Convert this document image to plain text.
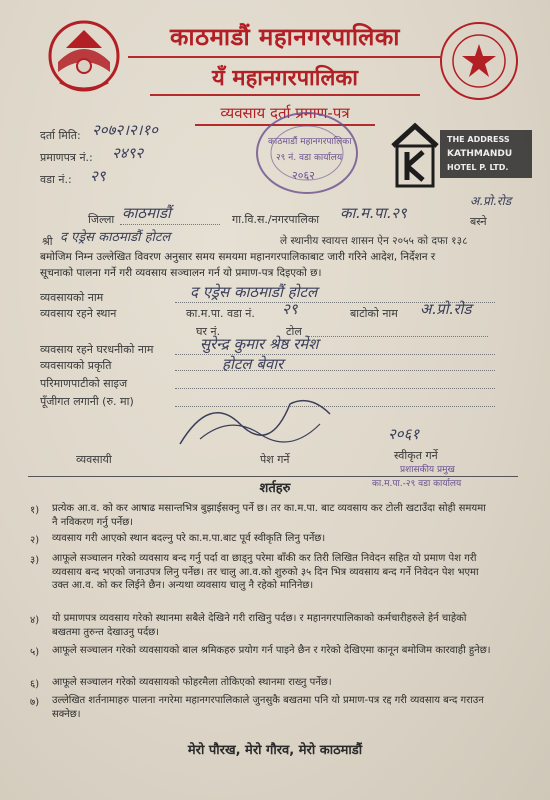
काठमाडौं महानगरपालिका
यँ महानगरपालिका
व्यवसाय दर्ता प्रमाण-पत्र
दर्ता मिति: २०७२।२।१०
प्रमाणपत्र नं.: २४९२
वडा नं.: २९
काठमाडौं महानगरपालिका
२९ नं. वडा कार्यालय
२०६२
THE ADDRESS
KATHMANDU
HOTEL P. LTD.
जिल्ला काठमाडौं	गा.वि.स./नगरपालिका का.म.पा.२९	बस्ने
अ.प्रो.रोड
श्री द एड्रेस काठमाडौं होटल	ले स्थानीय स्वायत्त शासन ऐन २०५५ को दफा १३८
बमोजिम निम्न उल्लेखित विवरण अनुसार समय समयमा महानगरपालिकाबाट जारी गरिने आदेश, निर्देशन र
सूचनाको पालना गर्ने गरी व्यवसाय सञ्चालन गर्न यो प्रमाण-पत्र दिइएको छ।
व्यवसायको नाम	द एड्रेस काठमाडौं होटल
व्यवसाय रहने स्थान	का.म.पा. वडा नं. २९	बाटोको नाम अ.प्रो.रोड
घर नं.	टोल
व्यवसाय रहने घरधनीको नाम	सुरेन्द्र कुमार श्रेष्ठ रमेश
व्यवसायको प्रकृति	होटल बेवार
परिमाणपाटीको साइज
पूँजीगत लगानी (रु. मा)
व्यवसायी	पेश गर्ने
२०६१
स्वीकृत गर्ने
प्रशासकीय प्रमुख
का.म.पा.-२९ वडा कार्यालय
शर्तहरु
१) प्रत्येक आ.व. को कर आषाढ मसान्तभित्र बुझाईसक्नु पर्ने छ। तर का.म.पा. बाट व्यवसाय कर टोली खटाउँदा सोही समयमा नै नविकरण गर्नु पर्नेछ।
२) व्यवसाय गरी आएको स्थान बदल्नु परे का.म.पा.बाट पूर्व स्वीकृति लिनु पर्नेछ।
३) आफूले सञ्चालन गरेको व्यवसाय बन्द गर्नु पर्दा वा छाड्नु परेमा बाँकी कर तिरी लिखित निवेदन सहित यो प्रमाण पेश गरी व्यवसाय बन्द भएको जनाउपत्र लिनु पर्नेछ। तर चालु आ.व.को शुरुको ३५ दिन भित्र व्यवसाय बन्द गर्ने निवेदन पेश भएमा उक्त आ.व. को कर लिईने छैन। अन्यथा व्यवसाय चालु नै रहेको मानिनेछ।
४) यो प्रमाणपत्र व्यवसाय गरेको स्थानमा सबैले देखिने गरी राखिनु पर्दछ। र महानगरपालिकाको कर्मचारीहरुले हेर्न चाहेको बखतमा तुरुन्त देखाउनु पर्दछ।
५) आफूले सञ्चालन गरेको व्यवसायको बाल श्रमिकहरु प्रयोग गर्न पाइने छैन र गरेको देखिएमा कानून बमोजिम कारवाही हुनेछ।
६) आफूले सञ्चालन गरेको व्यवसायको फोहरमैला तोकिएको स्थानमा राख्नु पर्नेछ।
७) उल्लेखित शर्तनामाहरु पालना नगरेमा महानगरपालिकाले जुनसुकै बखतमा पनि यो प्रमाण-पत्र रद्द गरी व्यवसाय बन्द गराउन सक्नेछ।
मेरो पौरख, मेरो गौरव, मेरो काठमाडौं
